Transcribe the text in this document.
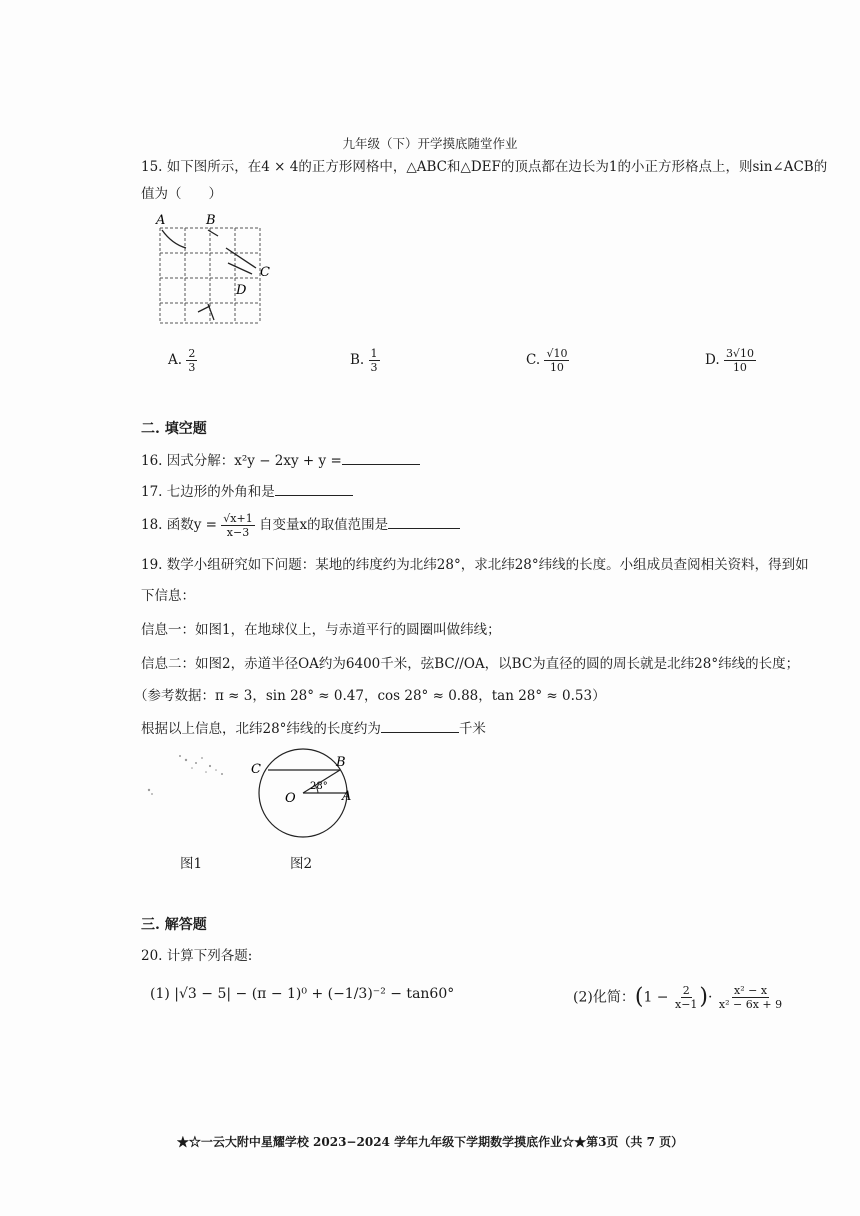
九年级（下）开学摸底随堂作业
15. 如下图所示，在4 × 4的正方形网格中，△ABC和△DEF的顶点都在边长为1的小正方形格点上，则sin∠ACB的
值为（　　）
A	B
C
D
A. $\frac{2}{3}$	B. $\frac{1}{3}$	C. $\frac{√10}{10}$	D. $\frac{3√10}{10}$
二. 填空题
16. 因式分解：x²y − 2xy + y =
17. 七边形的外角和是
18. 函数$y = \frac{√x+1}{x-3}$ 自变量x的取值范围是
19. 数学小组研究如下问题：某地的纬度约为北纬28°，求北纬28°纬线的长度。小组成员查阅相关资料，得到如
下信息：
信息一：如图1，在地球仪上，与赤道平行的圆圈叫做纬线；
信息二：如图2，赤道半径OA约为6400千米，弦BC//OA，以BC为直径的圆的周长就是北纬28°纬线的长度；
（参考数据：π ≈ 3，sin 28° ≈ 0.47，cos 28° ≈ 0.88，tan 28° ≈ 0.53）
根据以上信息，北纬28°纬线的长度约为	千米
C	B
O	A
28°
图1	图2
三. 解答题
20. 计算下列各题:
(1) |√3 − 5| − (π − 1)⁰ + (−1/3)⁻² − tan60°	(2)化简：($1 - \frac{2}{x-1}$ )· $\frac{\text{x² − x}}{\text{x² − 6x + 9}}$
★☆一云大附中星耀学校 2023−2024 学年九年级下学期数学摸底作业☆★第3页（共 7 页）
